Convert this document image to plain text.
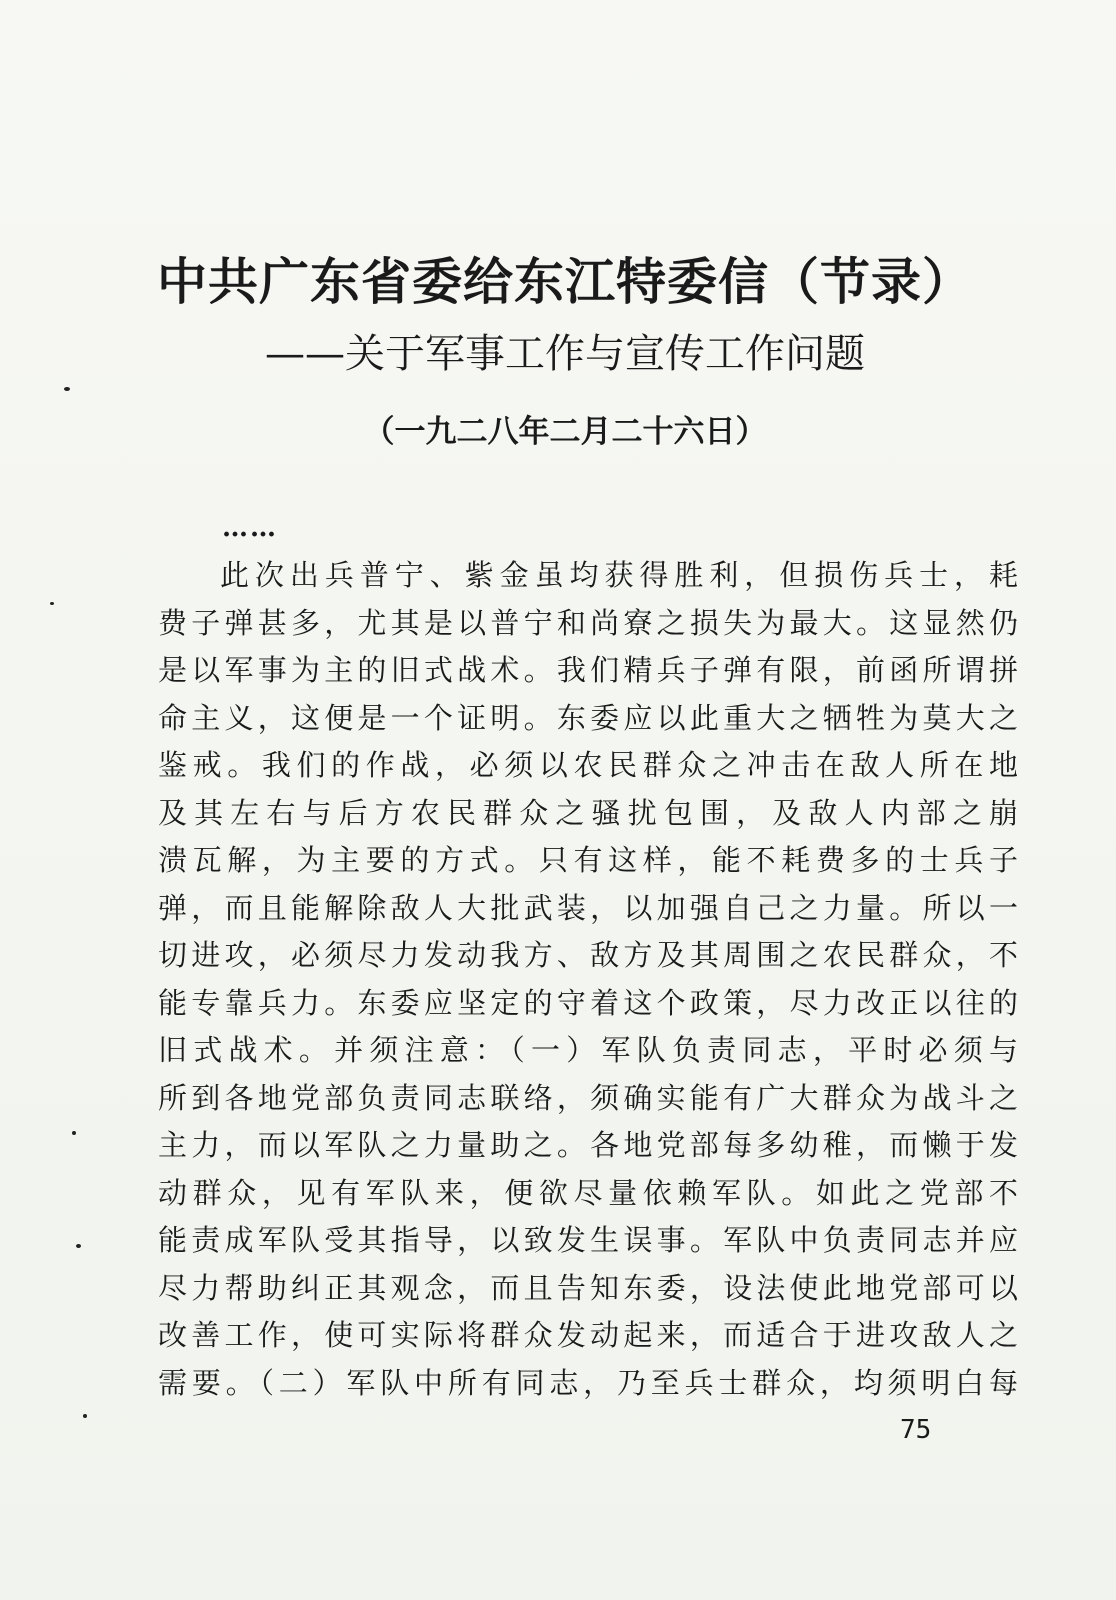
中共广东省委给东江特委信（节录）
——关于军事工作与宣传工作问题
（一九二八年二月二十六日）
……
此次出兵普宁、紫金虽均获得胜利，但损伤兵士，耗
费子弹甚多，尤其是以普宁和尚寮之损失为最大。这显然仍
是以军事为主的旧式战术。我们精兵子弹有限，前函所谓拼
命主义，这便是一个证明。东委应以此重大之牺牲为莫大之
鉴戒。我们的作战，必须以农民群众之冲击在敌人所在地
及其左右与后方农民群众之骚扰包围，及敌人内部之崩
溃瓦解，为主要的方式。只有这样，能不耗费多的士兵子
弹，而且能解除敌人大批武装，以加强自己之力量。所以一
切进攻，必须尽力发动我方、敌方及其周围之农民群众，不
能专靠兵力。东委应坚定的守着这个政策，尽力改正以往的
旧式战术。并须注意：（一）军队负责同志，平时必须与
所到各地党部负责同志联络，须确实能有广大群众为战斗之
主力，而以军队之力量助之。各地党部每多幼稚，而懒于发
动群众，见有军队来，便欲尽量依赖军队。如此之党部不
能责成军队受其指导，以致发生误事。军队中负责同志并应
尽力帮助纠正其观念，而且告知东委，设法使此地党部可以
改善工作，使可实际将群众发动起来，而适合于进攻敌人之
需要。（二）军队中所有同志，乃至兵士群众，均须明白每
75
